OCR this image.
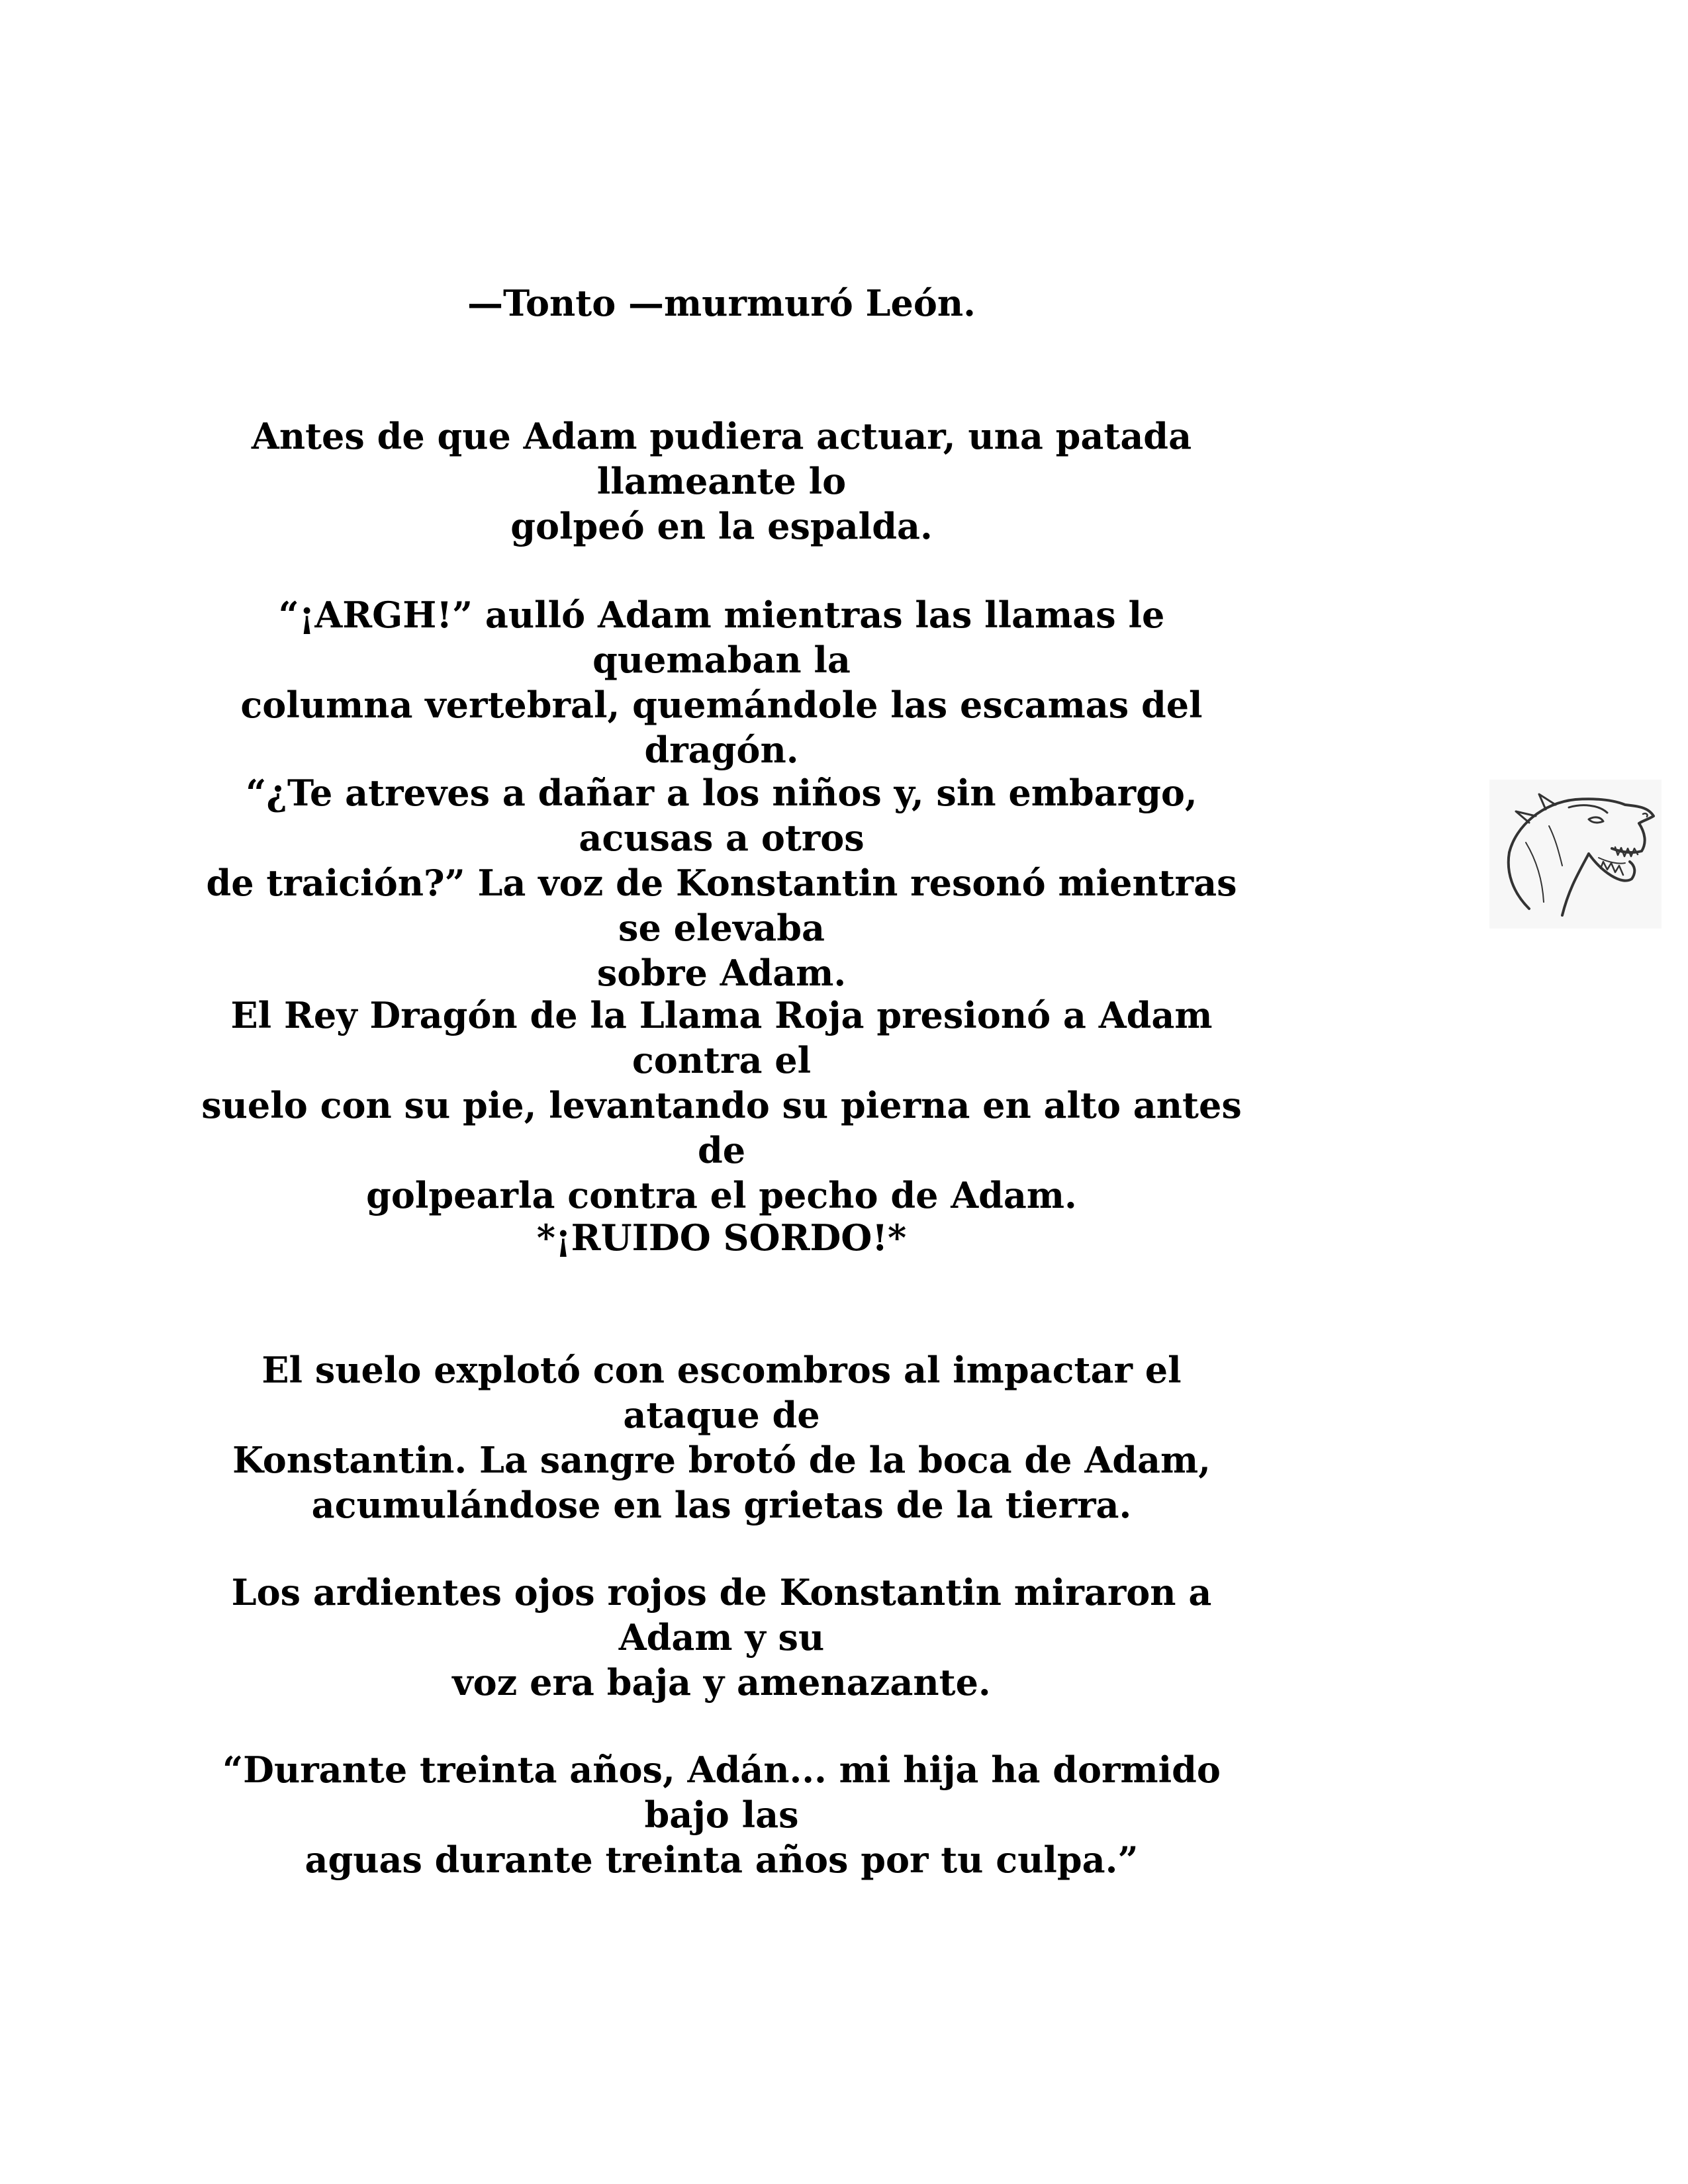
—Tonto —murmuró León.

Antes de que Adam pudiera actuar, una patada llameante lo
golpeó en la espalda.

“¡ARGH!” aulló Adam mientras las llamas le quemaban la
columna vertebral, quemándole las escamas del dragón.

“¿Te atreves a dañar a los niños y, sin embargo, acusas a otros
de traición?” La voz de Konstantin resonó mientras se elevaba
sobre Adam.

El Rey Dragón de la Llama Roja presionó a Adam contra el
suelo con su pie, levantando su pierna en alto antes de
golpearla contra el pecho de Adam.

*¡RUIDO SORDO!*

El suelo explotó con escombros al impactar el ataque de
Konstantin. La sangre brotó de la boca de Adam,
acumulándose en las grietas de la tierra.

Los ardientes ojos rojos de Konstantin miraron a Adam y su
voz era baja y amenazante.

“Durante treinta años, Adán... mi hija ha dormido bajo las
aguas durante treinta años por tu culpa.”
